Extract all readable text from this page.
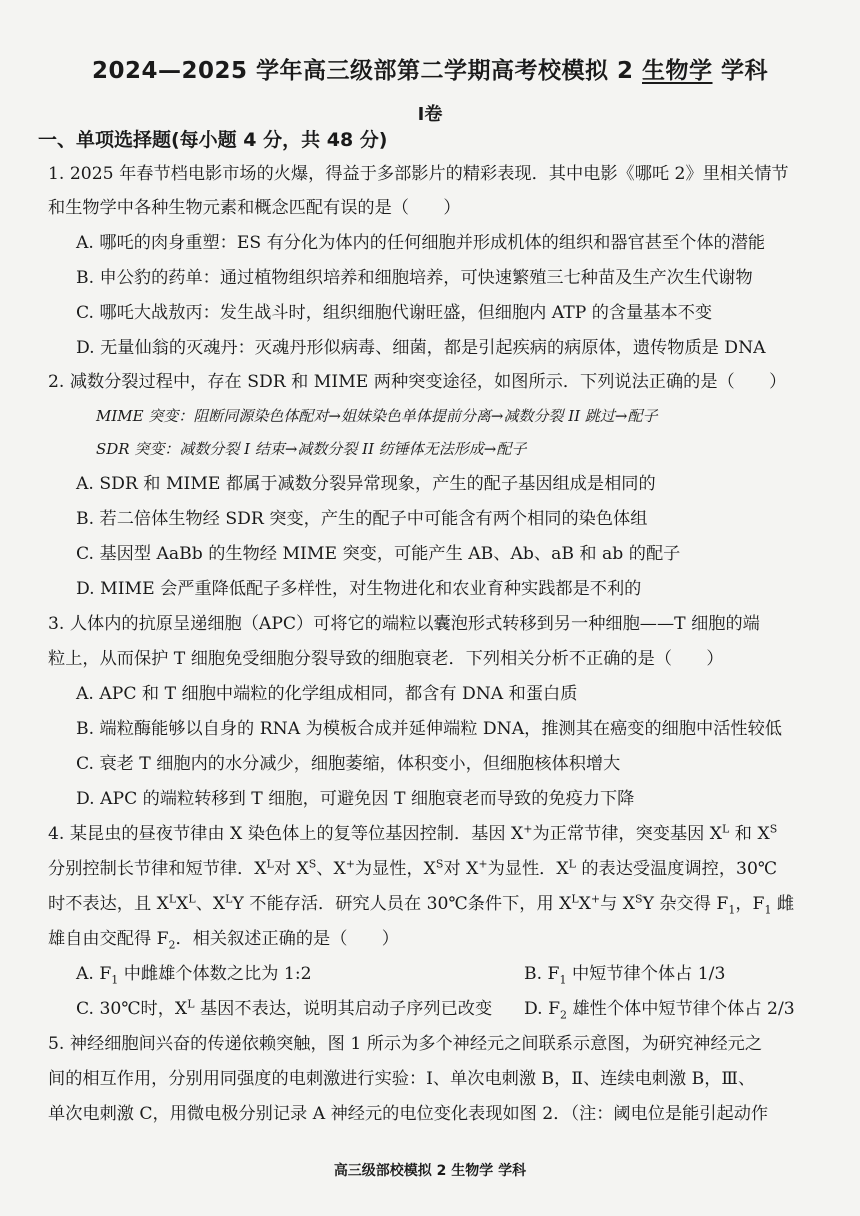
2024—2025 学年高三级部第二学期高考校模拟 2 生物学 学科
I卷
一、单项选择题(每小题 4 分，共 48 分)
1. 2025 年春节档电影市场的火爆，得益于多部影片的精彩表现．其中电影《哪吒 2》里相关情节
和生物学中各种生物元素和概念匹配有误的是（　　）
A. 哪吒的肉身重塑：ES 有分化为体内的任何细胞并形成机体的组织和器官甚至个体的潜能
B. 申公豹的药单：通过植物组织培养和细胞培养，可快速繁殖三七种苗及生产次生代谢物
C. 哪吒大战敖丙：发生战斗时，组织细胞代谢旺盛，但细胞内 ATP 的含量基本不变
D. 无量仙翁的灭魂丹：灭魂丹形似病毒、细菌，都是引起疾病的病原体，遗传物质是 DNA
2. 减数分裂过程中，存在 SDR 和 MIME 两种突变途径，如图所示．下列说法正确的是（　　）
MIME 突变：阻断同源染色体配对→姐妹染色单体提前分离→减数分裂 II 跳过→配子
SDR 突变：减数分裂 I 结束→减数分裂 II 纺锤体无法形成→配子
A. SDR 和 MIME 都属于减数分裂异常现象，产生的配子基因组成是相同的
B. 若二倍体生物经 SDR 突变，产生的配子中可能含有两个相同的染色体组
C. 基因型 AaBb 的生物经 MIME 突变，可能产生 AB、Ab、aB 和 ab 的配子
D. MIME 会严重降低配子多样性，对生物进化和农业育种实践都是不利的
3. 人体内的抗原呈递细胞（APC）可将它的端粒以囊泡形式转移到另一种细胞——T 细胞的端
粒上，从而保护 T 细胞免受细胞分裂导致的细胞衰老．下列相关分析不正确的是（　　）
A. APC 和 T 细胞中端粒的化学组成相同，都含有 DNA 和蛋白质
B. 端粒酶能够以自身的 RNA 为模板合成并延伸端粒 DNA，推测其在癌变的细胞中活性较低
C. 衰老 T 细胞内的水分减少，细胞萎缩，体积变小，但细胞核体积增大
D. APC 的端粒转移到 T 细胞，可避免因 T 细胞衰老而导致的免疫力下降
4. 某昆虫的昼夜节律由 X 染色体上的复等位基因控制．基因 X+为正常节律，突变基因 $X^L$ 和 $X^S$
分别控制长节律和短节律．$X^L$对 $X^S$、X+为显性，$X^S$对 X+为显性．$X^L$ 的表达受温度调控，30℃
时不表达，且 $X^LX^L$、$X^LY$ 不能存活．研究人员在 30℃条件下，用 $X^LX^+$与 $X^SY$ 杂交得 $F_1$，$F_1$ 雌
雄自由交配得 $F_2$．相关叙述正确的是（　　）
A. $F_1$ 中雌雄个体数之比为 1:2	B. $F_1$ 中短节律个体占 1/3
C. 30℃时，$X^L$ 基因不表达，说明其启动子序列已改变 D. $F_2$ 雄性个体中短节律个体占 2/3
5. 神经细胞间兴奋的传递依赖突触，图 1 所示为多个神经元之间联系示意图，为研究神经元之
间的相互作用，分别用同强度的电刺激进行实验：Ⅰ、单次电刺激 B，Ⅱ、连续电刺激 B，Ⅲ、
单次电刺激 C，用微电极分别记录 A 神经元的电位变化表现如图 2．（注：阈电位是能引起动作
高三级部校模拟 2 生物学 学科
